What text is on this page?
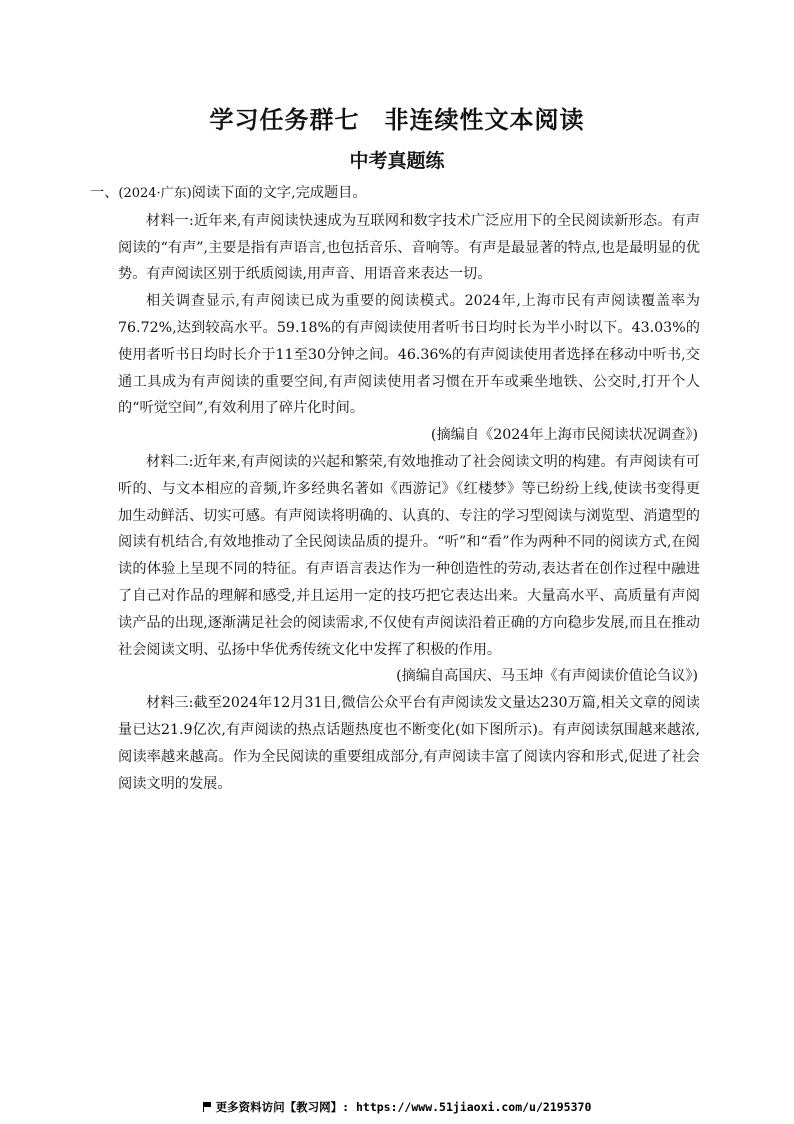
学习任务群七　非连续性文本阅读
中考真题练

一、(2024·广东)阅读下面的文字,完成题目。

材料一:近年来,有声阅读快速成为互联网和数字技术广泛应用下的全民阅读新形态。有声阅读的“有声”,主要是指有声语言,也包括音乐、音响等。有声是最显著的特点,也是最明显的优势。有声阅读区别于纸质阅读,用声音、用语音来表达一切。

相关调查显示,有声阅读已成为重要的阅读模式。2024年,上海市民有声阅读覆盖率为76.72%,达到较高水平。59.18%的有声阅读使用者听书日均时长为半小时以下。43.03%的使用者听书日均时长介于11至30分钟之间。46.36%的有声阅读使用者选择在移动中听书,交通工具成为有声阅读的重要空间,有声阅读使用者习惯在开车或乘坐地铁、公交时,打开个人的“听觉空间”,有效利用了碎片化时间。

(摘编自《2024年上海市民阅读状况调查》)

材料二:近年来,有声阅读的兴起和繁荣,有效地推动了社会阅读文明的构建。有声阅读有可听的、与文本相应的音频,许多经典名著如《西游记》《红楼梦》等已纷纷上线,使读书变得更加生动鲜活、切实可感。有声阅读将明确的、认真的、专注的学习型阅读与浏览型、消遣型的阅读有机结合,有效地推动了全民阅读品质的提升。“听”和“看”作为两种不同的阅读方式,在阅读的体验上呈现不同的特征。有声语言表达作为一种创造性的劳动,表达者在创作过程中融进了自己对作品的理解和感受,并且运用一定的技巧把它表达出来。大量高水平、高质量有声阅读产品的出现,逐渐满足社会的阅读需求,不仅使有声阅读沿着正确的方向稳步发展,而且在推动社会阅读文明、弘扬中华优秀传统文化中发挥了积极的作用。

(摘编自高国庆、马玉坤《有声阅读价值论刍议》)

材料三:截至2024年12月31日,微信公众平台有声阅读发文量达230万篇,相关文章的阅读量已达21.9亿次,有声阅读的热点话题热度也不断变化(如下图所示)。有声阅读氛围越来越浓,阅读率越来越高。作为全民阅读的重要组成部分,有声阅读丰富了阅读内容和形式,促进了社会阅读文明的发展。

更多资料访问【教习网】: https://www.51jiaoxi.com/u/2195370
